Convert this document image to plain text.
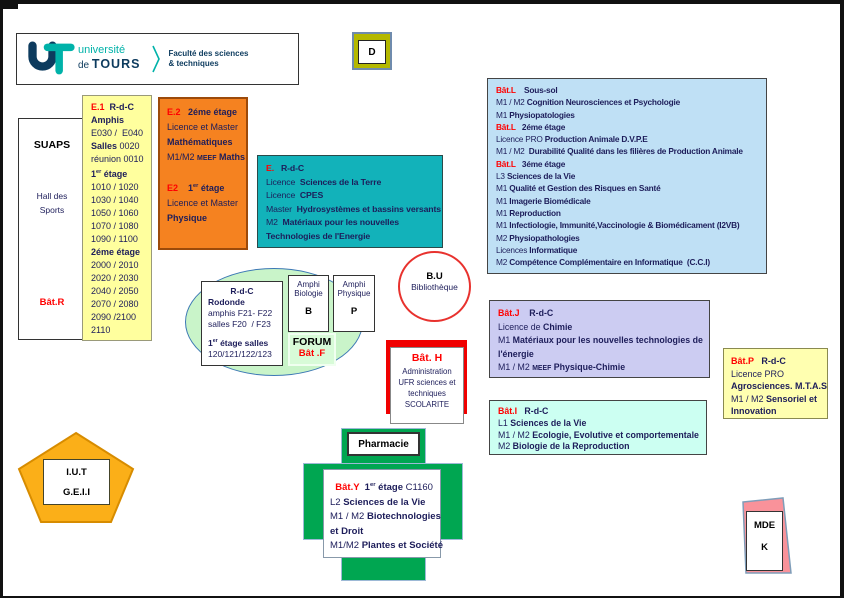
université
de TOURS
Faculté des sciences
& techniques
D
SUAPS
Hall des
Sports
Bât.R
E.1  R-d-C
Amphis
E030 /  E040
Salles 0020
réunion 0010
1er étage
1010 / 1020
1030 / 1040
1050 / 1060
1070 / 1080
1090 / 1100
2éme étage
2000 / 2010
2020 / 2030
2040 / 2050
2070 / 2080
2090 /2100
2110
E.2   2éme étage
Licence et Master
Mathématiques
M1/M2 MEEF Maths
E2    1er étage
Licence et Master
Physique
E.   R-d-C
Licence  Sciences de la Terre
Licence  CPES
Master  Hydrosystèmes et bassins versants
M2  Matériaux pour les nouvelles
Technologies de l'Energie
Bât.L    Sous-sol
M1 / M2 Cognition Neurosciences et Psychologie
M1 Physiopatologies
Bât.L   2éme étage
Licence PRO Production Animale D.V.P.E
M1 / M2  Durabilité Qualité dans les filières de Production Animale
Bât.L   3éme étage
L3 Sciences de la Vie
M1 Qualité et Gestion des Risques en Santé
M1 Imagerie Biomédicale
M1 Reproduction
M1 Infectiologie, Immunité,Vaccinologie & Biomédicament (I2VB)
M2 Physiopathologies
Licences Informatique
M2 Compétence Complémentaire en Informatique  (C.C.I)
R-d-C
Rodonde
amphis F21- F22
salles F20  / F23
1er étage salles
120/121/122/123
FORUM
Bât .F
Amphi
Biologie
B
Amphi
Physique
P
B.U
Bibliothèque
Bât. H
Administration
UFR sciences et
techniques
SCOLARITE
Bât.J    R-d-C
Licence de Chimie
M1 Matériaux pour les nouvelles technologies de
l'énergie
M1 / M2 MEEF Physique-Chimie
Bât.P   R-d-C
Licence PRO
Agrosciences. M.T.A.S
M1 / M2 Sensoriel et
Innovation
Bât.I   R-d-C
L1 Sciences de la Vie
M1 / M2 Ecologie, Evolutive et comportementale
M2 Biologie de la Reproduction
Pharmacie
Bât.Y  1er étage C1160
L2 Sciences de la Vie
M1 / M2 Biotechnologies
et Droit
M1/M2 Plantes et Société
I.U.T
G.E.I.I
MDE
K
